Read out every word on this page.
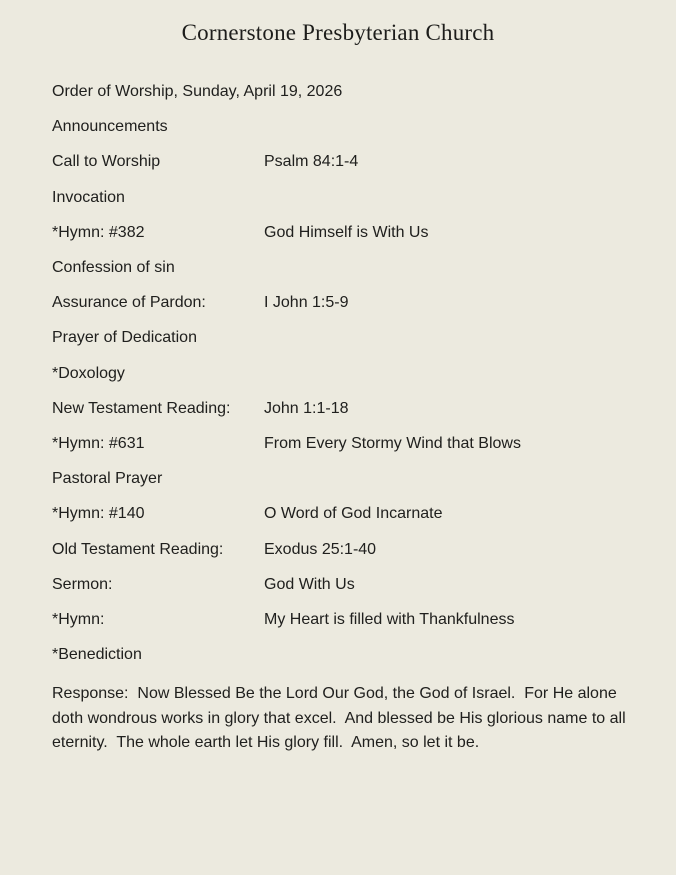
Cornerstone Presbyterian Church
Order of Worship, Sunday, April 19, 2026
Announcements
Call to Worship	Psalm 84:1-4
Invocation
*Hymn: #382	God Himself is With Us
Confession of sin
Assurance of Pardon:	I John 1:5-9
Prayer of Dedication
*Doxology
New Testament Reading:	John 1:1-18
*Hymn: #631	From Every Stormy Wind that Blows
Pastoral Prayer
*Hymn: #140	O Word of God Incarnate
Old Testament Reading:	Exodus 25:1-40
Sermon:	God With Us
*Hymn:	My Heart is filled with Thankfulness
*Benediction

Response:  Now Blessed Be the Lord Our God, the God of Israel.  For He alone doth wondrous works in glory that excel.  And blessed be His glorious name to all eternity.  The whole earth let His glory fill.  Amen, so let it be.
